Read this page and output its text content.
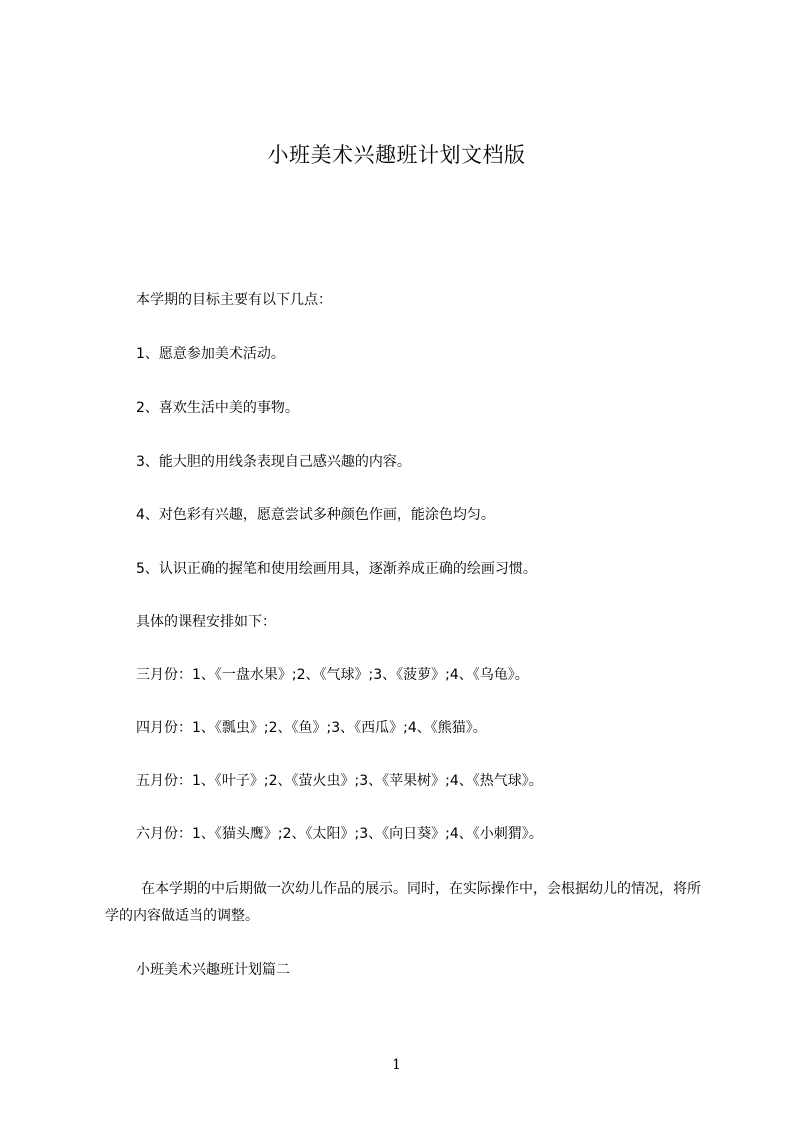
小班美术兴趣班计划文档版
本学期的目标主要有以下几点：
1、愿意参加美术活动。
2、喜欢生活中美的事物。
3、能大胆的用线条表现自己感兴趣的内容。
4、对色彩有兴趣，愿意尝试多种颜色作画，能涂色均匀。
5、认识正确的握笔和使用绘画用具，逐渐养成正确的绘画习惯。
具体的课程安排如下：
三月份：1、《一盘水果》;2、《气球》;3、《菠萝》;4、《乌龟》。
四月份：1、《瓢虫》;2、《鱼》;3、《西瓜》;4、《熊猫》。
五月份：1、《叶子》;2、《萤火虫》;3、《苹果树》;4、《热气球》。
六月份：1、《猫头鹰》;2、《太阳》;3、《向日葵》;4、《小刺猬》。
在本学期的中后期做一次幼儿作品的展示。同时，在实际操作中，会根据幼儿的情况，将所学的内容做适当的调整。
小班美术兴趣班计划篇二
1
